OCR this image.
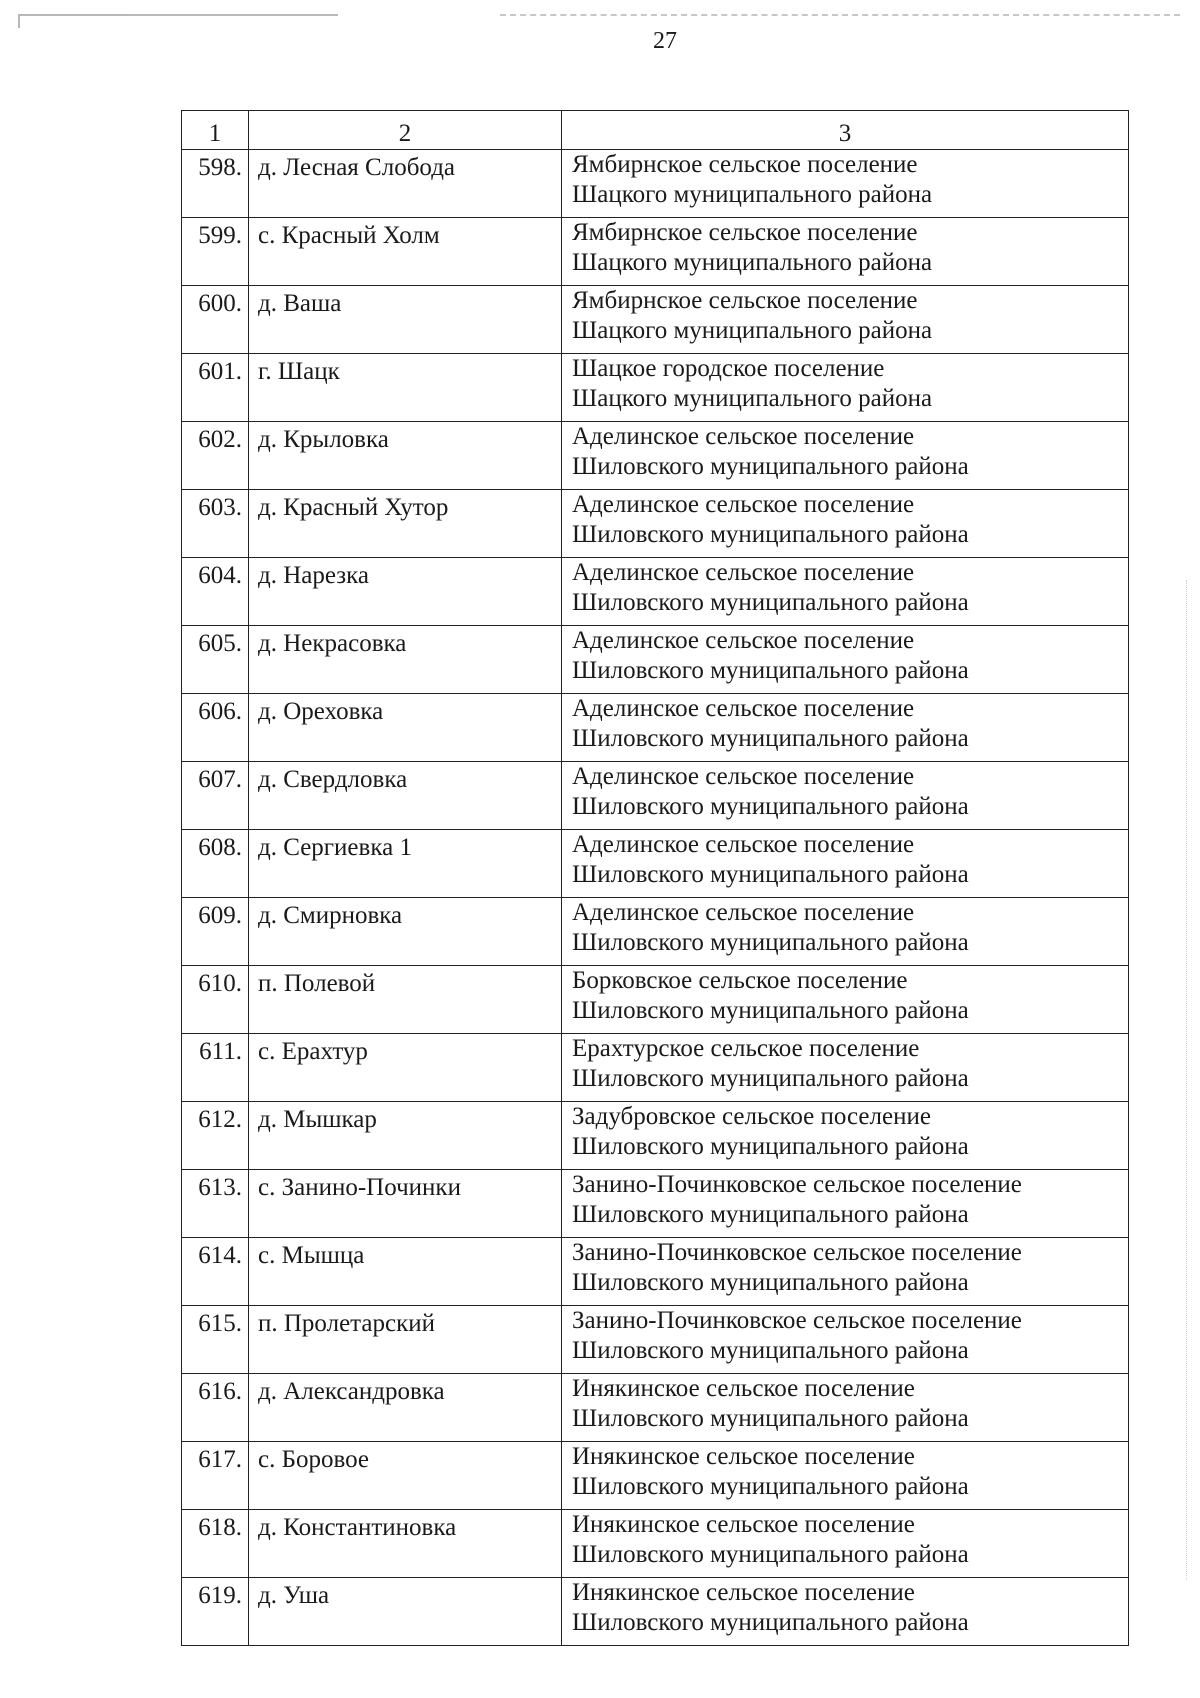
27
1	2	3
598.	д. Лесная Слобода	Ямбирнское сельское поселение
Шацкого муниципального района

599.	с. Красный Холм	Ямбирнское сельское поселение
Шацкого муниципального района

600.	д. Ваша	Ямбирнское сельское поселение
Шацкого муниципального района

601.	г. Шацк	Шацкое городское поселение
Шацкого муниципального района

602.	д. Крыловка	Аделинское сельское поселение
Шиловского муниципального района

603.	д. Красный Хутор	Аделинское сельское поселение
Шиловского муниципального района

604.	д. Нарезка	Аделинское сельское поселение
Шиловского муниципального района

605.	д. Некрасовка	Аделинское сельское поселение
Шиловского муниципального района

606.	д. Ореховка	Аделинское сельское поселение
Шиловского муниципального района

607.	д. Свердловка	Аделинское сельское поселение
Шиловского муниципального района

608.	д. Сергиевка 1	Аделинское сельское поселение
Шиловского муниципального района

609.	д. Смирновка	Аделинское сельское поселение
Шиловского муниципального района

610.	п. Полевой	Борковское сельское поселение
Шиловского муниципального района

611.	с. Ерахтур	Ерахтурское сельское поселение
Шиловского муниципального района

612.	д. Мышкар	Задубровское сельское поселение
Шиловского муниципального района

613.	с. Занино-Починки	Занино-Починковское сельское поселение
Шиловского муниципального района

614.	с. Мышца	Занино-Починковское сельское поселение
Шиловского муниципального района

615.	п. Пролетарский	Занино-Починковское сельское поселение
Шиловского муниципального района

616.	д. Александровка	Инякинское сельское поселение
Шиловского муниципального района

617.	с. Боровое	Инякинское сельское поселение
Шиловского муниципального района

618.	д. Константиновка	Инякинское сельское поселение
Шиловского муниципального района

619.	д. Уша	Инякинское сельское поселение
Шиловского муниципального района
